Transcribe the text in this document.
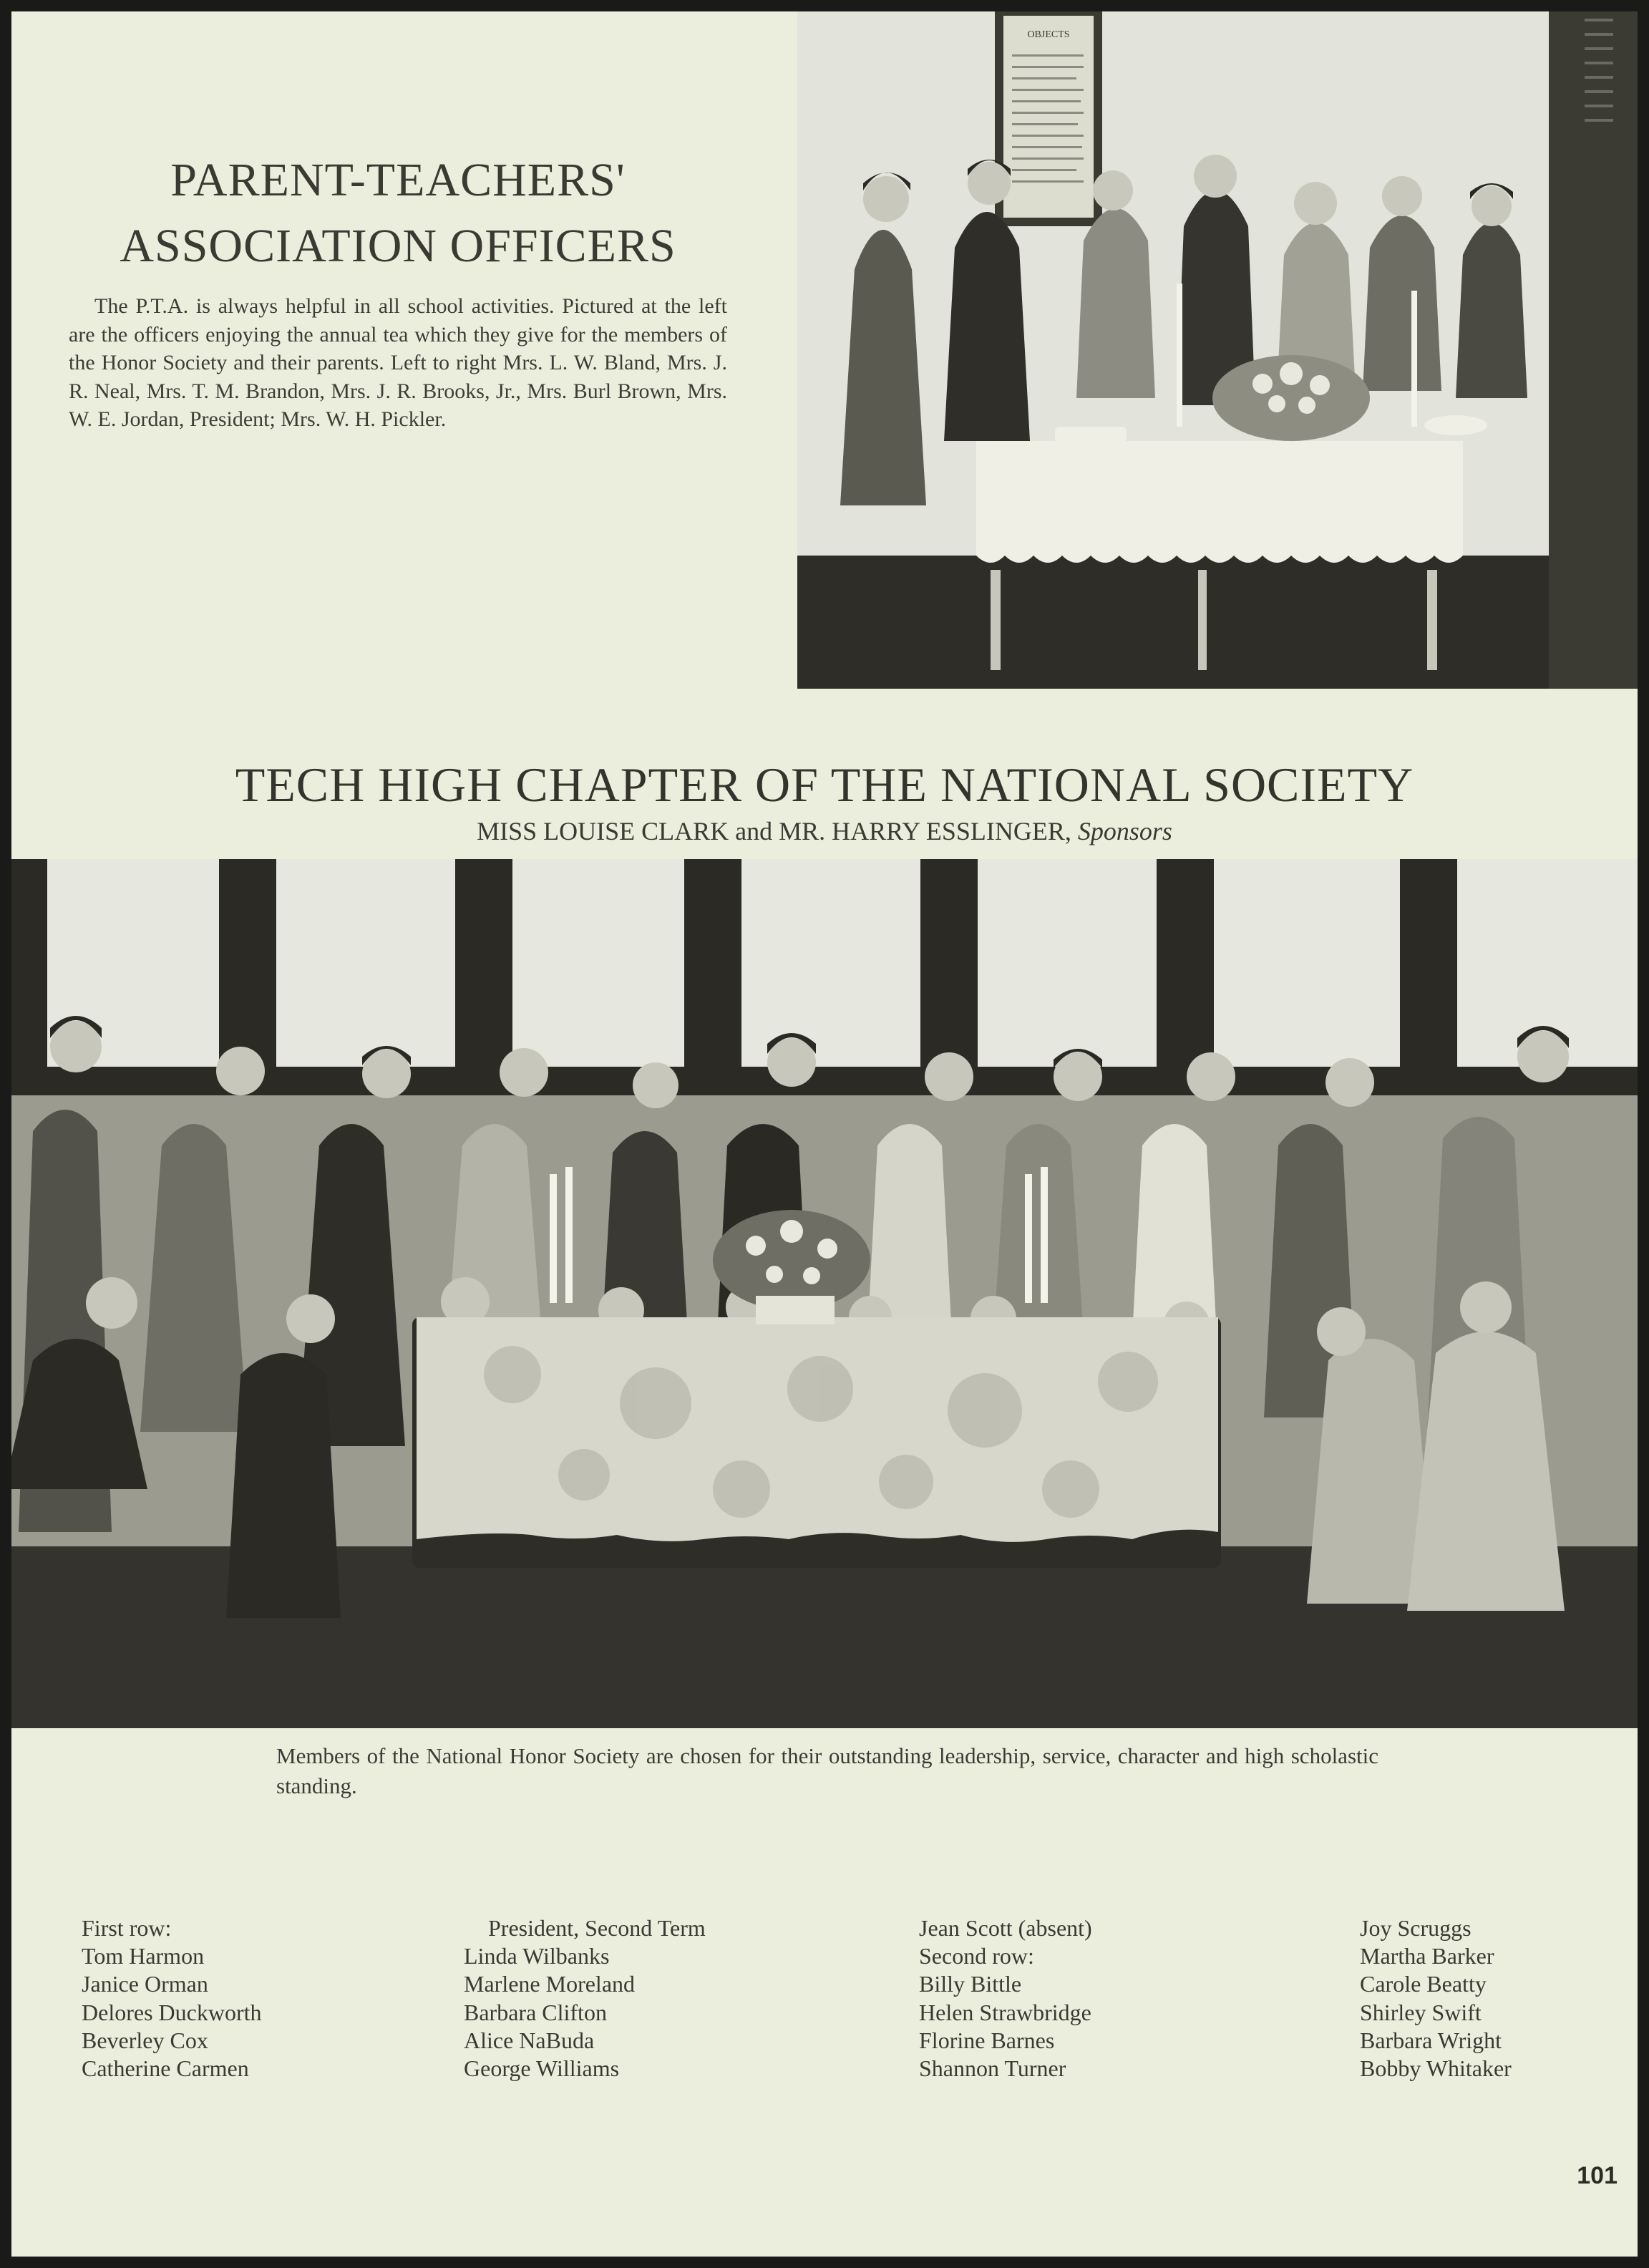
PARENT-TEACHERS'
ASSOCIATION OFFICERS

The P.T.A. is always helpful in all school activities. Pictured at the left are the officers enjoying the annual tea which they give for the members of the Honor Society and their parents. Left to right Mrs. L. W. Bland, Mrs. J. R. Neal, Mrs. T. M. Brandon, Mrs. J. R. Brooks, Jr., Mrs. Burl Brown, Mrs. W. E. Jordan, President; Mrs. W. H. Pickler.

OBJECTS
TECH HIGH CHAPTER OF THE NATIONAL SOCIETY
MISS LOUISE CLARK and MR. HARRY ESSLINGER, Sponsors
Members of the National Honor Society are chosen for their outstanding leadership, service, character and high scholastic standing.
First row:
Tom Harmon
Janice Orman
Delores Duckworth
Beverley Cox
Catherine Carmen
President, Second Term
Linda Wilbanks
Marlene Moreland
Barbara Clifton
Alice NaBuda
George Williams
Jean Scott (absent)
Second row:
Billy Bittle
Helen Strawbridge
Florine Barnes
Shannon Turner
Joy Scruggs
Martha Barker
Carole Beatty
Shirley Swift
Barbara Wright
Bobby Whitaker
101
